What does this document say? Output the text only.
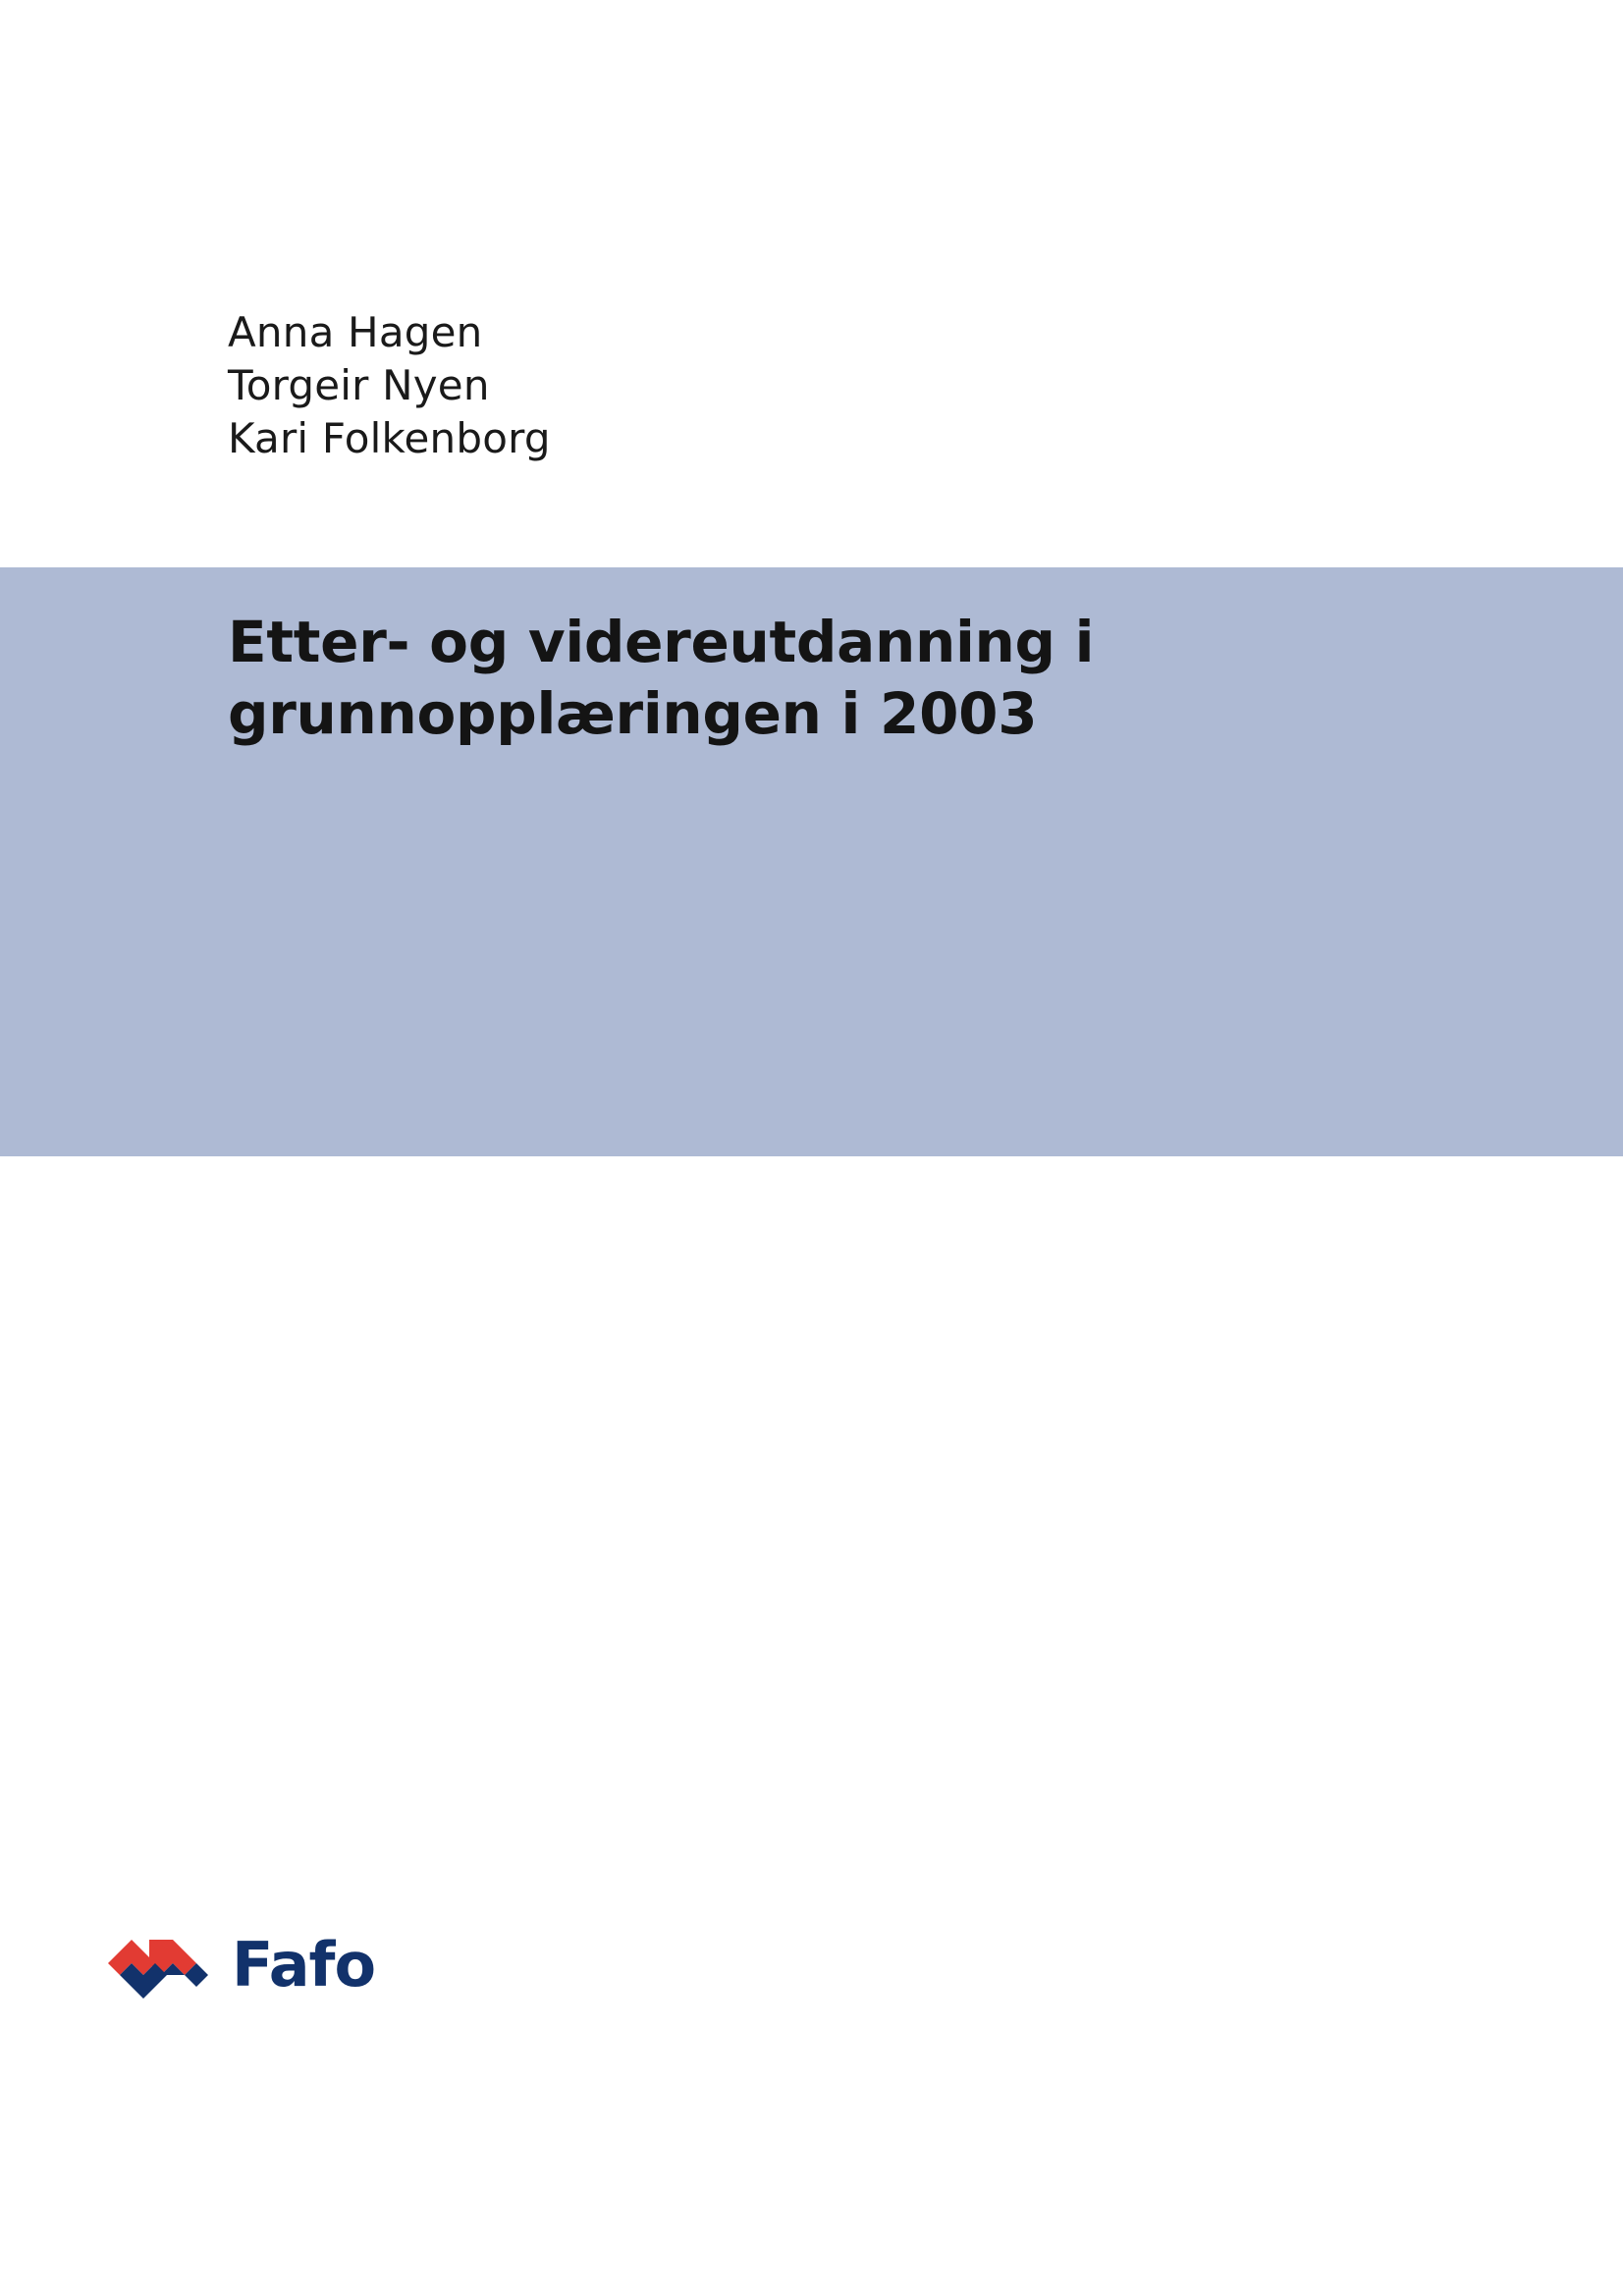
Anna Hagen
Torgeir Nyen
Kari Folkenborg
Etter- og videreutdanning i
grunnopplæringen i 2003
Fafo
